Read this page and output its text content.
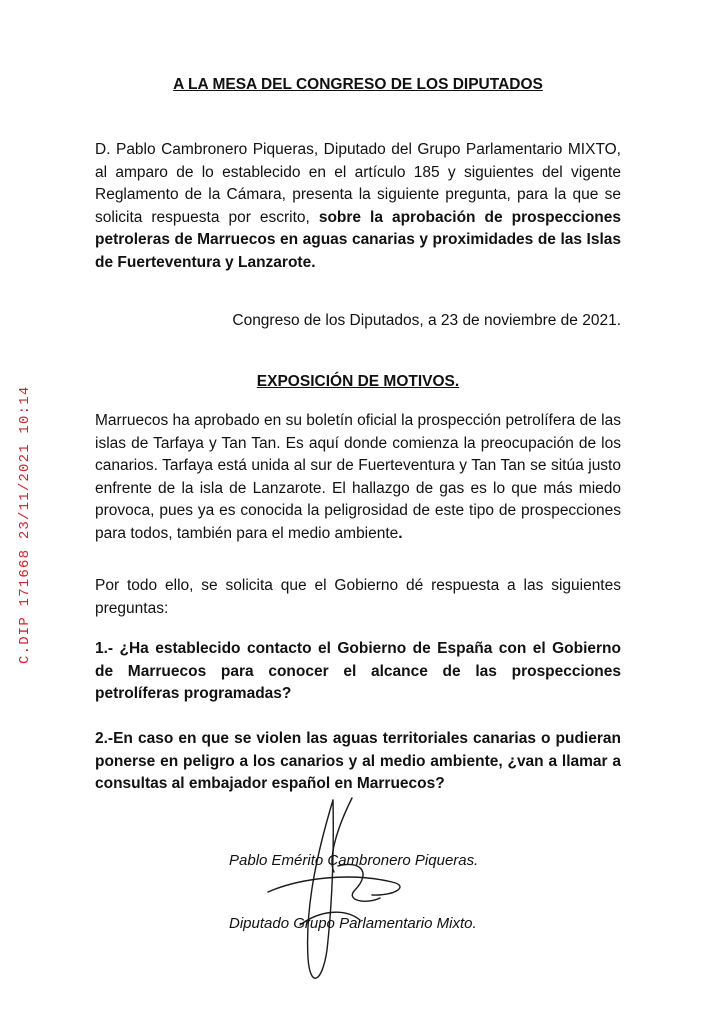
C.DIP 171668 23/11/2021 10:14
A LA MESA DEL CONGRESO DE LOS DIPUTADOS
D. Pablo Cambronero Piqueras, Diputado del Grupo Parlamentario MIXTO, al amparo de lo establecido en el artículo 185 y siguientes del vigente Reglamento de la Cámara, presenta la siguiente pregunta, para la que se solicita respuesta por escrito, sobre la aprobación de prospecciones petroleras de Marruecos en aguas canarias y proximidades de las Islas de Fuerteventura y Lanzarote.
Congreso de los Diputados, a 23 de noviembre de 2021.
EXPOSICIÓN DE MOTIVOS.
Marruecos ha aprobado en su boletín oficial la prospección petrolífera de las islas de Tarfaya y Tan Tan. Es aquí donde comienza la preocupación de los canarios. Tarfaya está unida al sur de Fuerteventura y Tan Tan se sitúa justo enfrente de la isla de Lanzarote. El hallazgo de gas es lo que más miedo provoca, pues ya es conocida la peligrosidad de este tipo de prospecciones para todos, también para el medio ambiente.
Por todo ello, se solicita que el Gobierno dé respuesta a las siguientes preguntas:
1.- ¿Ha establecido contacto el Gobierno de España con el Gobierno de Marruecos para conocer el alcance de las prospecciones petrolíferas programadas?
2.-En caso en que se violen las aguas territoriales canarias o pudieran ponerse en peligro a los canarios y al medio ambiente, ¿van a llamar a consultas al embajador español en Marruecos?
Pablo Emérito Cambronero Piqueras.
Diputado Grupo Parlamentario Mixto.
